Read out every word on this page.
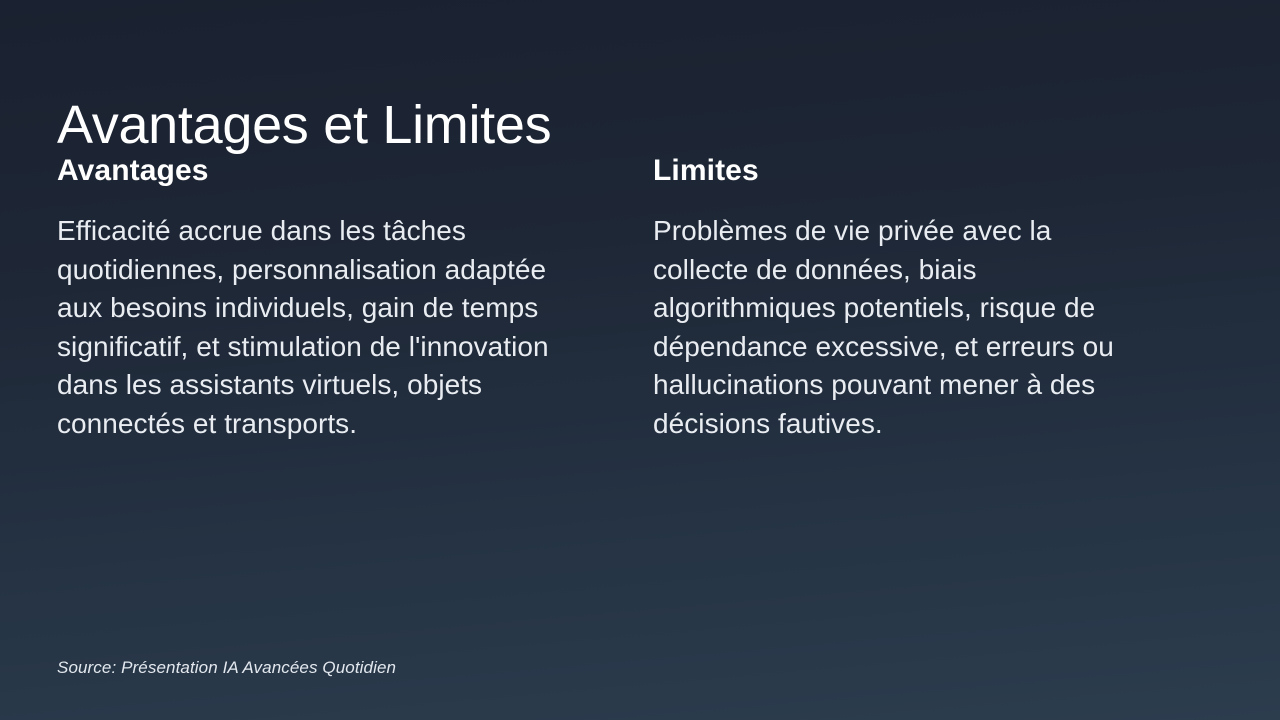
Avantages et Limites
Avantages

Efficacité accrue dans les tâches quotidiennes, personnalisation adaptée aux besoins individuels, gain de temps significatif, et stimulation de l'innovation dans les assistants virtuels, objets connectés et transports.

Limites

Problèmes de vie privée avec la collecte de données, biais algorithmiques potentiels, risque de dépendance excessive, et erreurs ou hallucinations pouvant mener à des décisions fautives.

Source: Présentation IA Avancées Quotidien
